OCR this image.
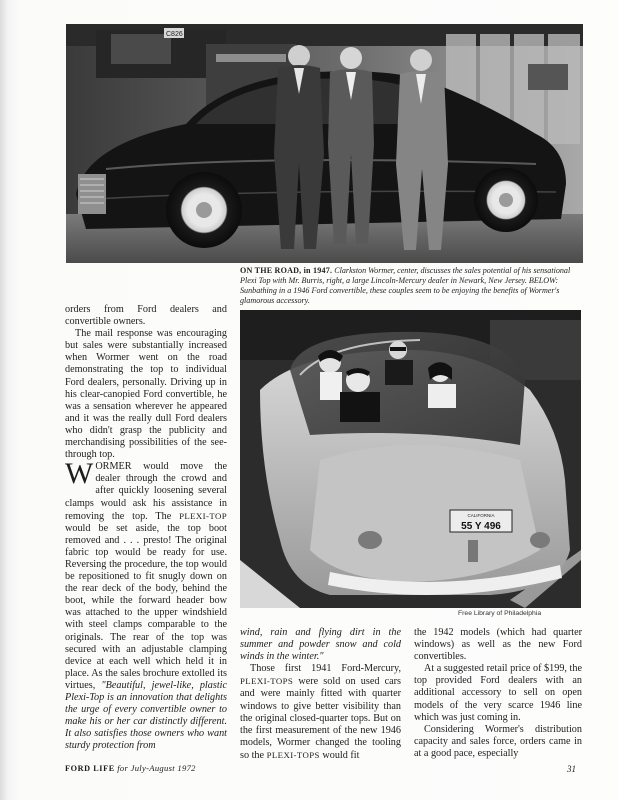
C826
ON THE ROAD, in 1947. Clarkston Wormer, center, discusses the sales potential of his sensational Plexi Top with Mr. Burris, right, a large Lincoln-Mercury dealer in Newark, New Jersey. BELOW: Sunbathing in a 1946 Ford convertible, these couples seem to be enjoying the benefits of Wormer's glamorous accessory.
CALIFORNIA
55 Y 496
Free Library of Philadelphia

orders from Ford dealers and convertible owners.

The mail response was encouraging but sales were substantially increased when Wormer went on the road demonstrating the top to individual Ford dealers, personally. Driving up in his clear-canopied Ford convertible, he was a sensation wherever he appeared and it was the really dull Ford dealers who didn't grasp the publicity and merchandising possibilities of the see-through top.

WORMER would move the dealer through the crowd and after quickly loosening several clamps would ask his assistance in removing the top. The PLEXI-TOP would be set aside, the top boot removed and . . . presto! The original fabric top would be ready for use. Reversing the procedure, the top would be repositioned to fit snugly down on the rear deck of the body, behind the boot, while the forward header bow was attached to the upper windshield with steel clamps comparable to the originals. The rear of the top was secured with an adjustable clamping device at each well which held it in place. As the sales brochure extolled its virtues, "Beautiful, jewel-like, plastic Plexi-Top is an innovation that delights the urge of every convertible owner to make his or her car distinctly different. It also satisfies those owners who want sturdy protection from

wind, rain and flying dirt in the summer and powder snow and cold winds in the winter."

Those first 1941 Ford-Mercury, PLEXI-TOPS were sold on used cars and were mainly fitted with quarter windows to give better visibility than the original closed-quarter tops. But on the first measurement of the new 1946 models, Wormer changed the tooling so the PLEXI-TOPS would fit

the 1942 models (which had quarter windows) as well as the new Ford convertibles.

At a suggested retail price of $199, the top provided Ford dealers with an additional accessory to sell on open models of the very scarce 1946 line which was just coming in.

Considering Wormer's distribution capacity and sales force, orders came in at a good pace, especially

FORD LIFE for July-August 1972	31
